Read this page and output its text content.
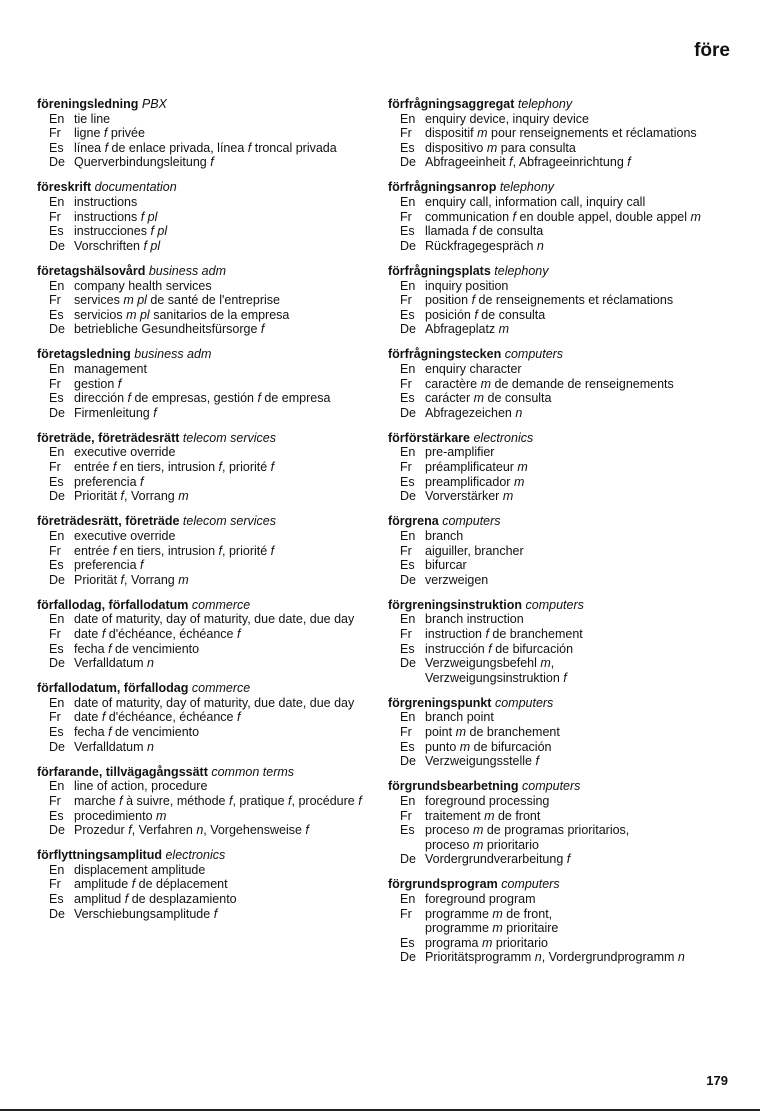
före
föreningsledning PBX
En tie line
Fr	ligne f privée
Es línea f de enlace privada, línea f troncal privada
De Querverbindungsleitung f
föreskrift documentation
En instructions
Fr	instructions f pl
Es instrucciones f pl
De Vorschriften f pl
företagshälsovård business adm
En company health services
Fr	services m pl de santé de l'entreprise
Es servicios m pl sanitarios de la empresa
De betriebliche Gesundheitsfürsorge f
företagsledning business adm
En management
Fr	gestion f
Es dirección f de empresas, gestión f de empresa
De Firmenleitung f
företräde, företrädesrätt telecom services
En executive override
Fr	entrée f en tiers, intrusion f, priorité f
Es preferencia f
De Priorität f, Vorrang m
företrädesrätt, företräde telecom services
En executive override
Fr	entrée f en tiers, intrusion f, priorité f
Es preferencia f
De Priorität f, Vorrang m
förfallodag, förfallodatum commerce
En date of maturity, day of maturity, due date, due day
Fr	date f d'échéance, échéance f
Es fecha f de vencimiento
De Verfalldatum n
förfallodatum, förfallodag commerce
En date of maturity, day of maturity, due date, due day
Fr	date f d'échéance, échéance f
Es fecha f de vencimiento
De Verfalldatum n
förfarande, tillvägagångssätt common terms
En line of action, procedure
Fr	marche f à suivre, méthode f, pratique f, procédure f
Es procedimiento m
De Prozedur f, Verfahren n, Vorgehensweise f
förflyttningsamplitud electronics
En displacement amplitude
Fr	amplitude f de déplacement
Es amplitud f de desplazamiento
De Verschiebungsamplitude f
förfrågningsaggregat telephony
En enquiry device, inquiry device
Fr	dispositif m pour renseignements et réclamations
Es dispositivo m para consulta
De Abfrageeinheit f, Abfrageeinrichtung f
förfrågningsanrop telephony
En enquiry call, information call, inquiry call
Fr	communication f en double appel, double appel m
Es llamada f de consulta
De Rückfragegespräch n
förfrågningsplats telephony
En inquiry position
Fr	position f de renseignements et réclamations
Es posición f de consulta
De Abfrageplatz m
förfrågningstecken computers
En enquiry character
Fr	caractère m de demande de renseignements
Es carácter m de consulta
De Abfragezeichen n
förförstärkare electronics
En pre-amplifier
Fr	préamplificateur m
Es preamplificador m
De Vorverstärker m
förgrena computers
En branch
Fr	aiguiller, brancher
Es bifurcar
De verzweigen
förgreningsinstruktion computers
En branch instruction
Fr	instruction f de branchement
Es instrucción f de bifurcación
De Verzweigungsbefehl m,
Verzweigungsinstruktion f
förgreningspunkt computers
En branch point
Fr	point m de branchement
Es punto m de bifurcación
De Verzweigungsstelle f
förgrundsbearbetning computers
En foreground processing
Fr	traitement m de front
Es proceso m de programas prioritarios,
proceso m prioritario
De Vordergrundverarbeitung f
förgrundsprogram computers
En foreground program
Fr	programme m de front,
programme m prioritaire
Es programa m prioritario
De Prioritätsprogramm n, Vordergrundprogramm n
179
